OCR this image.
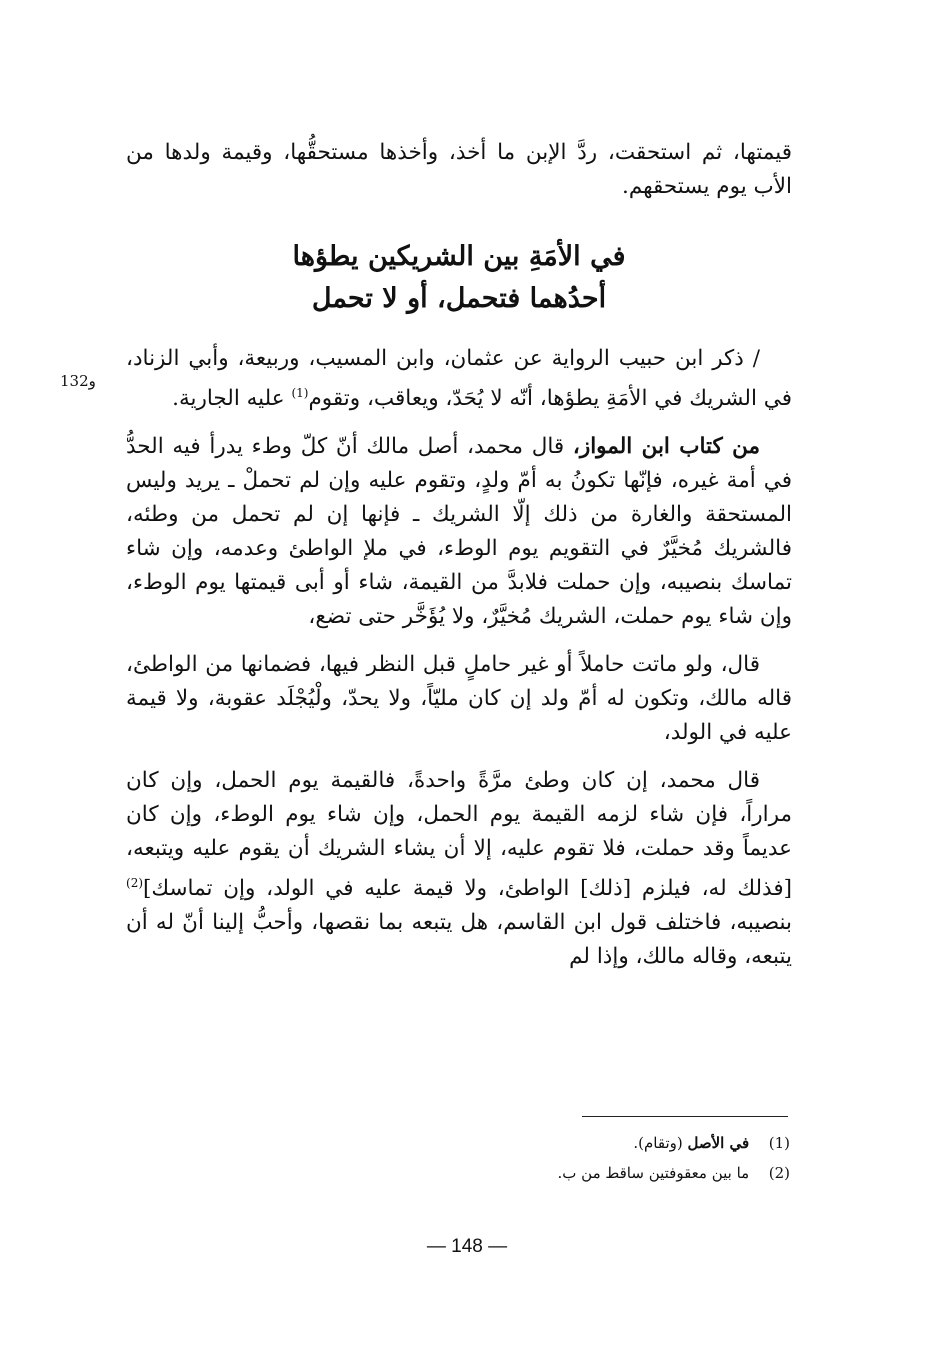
قيمتها، ثم استحقت، ردَّ الإبن ما أخذ، وأخذها مستحقُّها، وقيمة ولدها من الأب يوم يستحقهم.

في الأمَةِ بين الشريكين يطؤها
أحدُهما فتحمل، أو لا تحمل

/ ذكر ابن حبيب الرواية عن عثمان، وابن المسيب، وربيعة، وأبي الزناد، في الشريك في الأمَةِ يطؤها، أنّه لا يُحَدّ، ويعاقب، وتقوم$^{(1)}$ عليه الجارية.

من كتاب ابن المواز، قال محمد، أصل مالك أنّ كلّ وطء يدرأ فيه الحدُّ في أمة غيره، فإنّها تكونُ به أمّ ولدٍ، وتقوم عليه وإن لم تحملْ ـ يريد وليس المستحقة والغارة من ذلك إلّا الشريك ـ فإنها إن لم تحمل من وطئه، فالشريك مُخيَّرٌ في التقويم يوم الوطء، في ملإ الواطئ وعدمه، وإن شاء تماسك بنصيبه، وإن حملت فلابدَّ من القيمة، شاء أو أبى قيمتها يوم الوطء، وإن شاء يوم حملت، الشريك مُخيَّرٌ، ولا يُؤَخَّر حتى تضع،

قال، ولو ماتت حاملاً أو غير حاملٍ قبل النظر فيها، فضمانها من الواطئ، قاله مالك، وتكون له أمّ ولد إن كان مليّاً، ولا يحدّ، ولْيُجْلَد عقوبة، ولا قيمة عليه في الولد،

قال محمد، إن كان وطئ مرَّةً واحدةً، فالقيمة يوم الحمل، وإن كان مراراً، فإن شاء لزمه القيمة يوم الحمل، وإن شاء يوم الوطء، وإن كان عديماً وقد حملت، فلا تقوم عليه، إلا أن يشاء الشريك أن يقوم عليه ويتبعه، [فذلك له، فيلزم [ذلك] الواطئ، ولا قيمة عليه في الولد، وإن تماسك]$^{(2)}$ بنصيبه، فاختلف قول ابن القاسم، هل يتبعه بما نقصها، وأحبُّ إلينا أنّ له أن يتبعه، وقاله مالك، وإذا لم

132و
(1) في الأصل (وتقام).
(2) ما بين معقوفتين ساقط من ب.
— 148 —
